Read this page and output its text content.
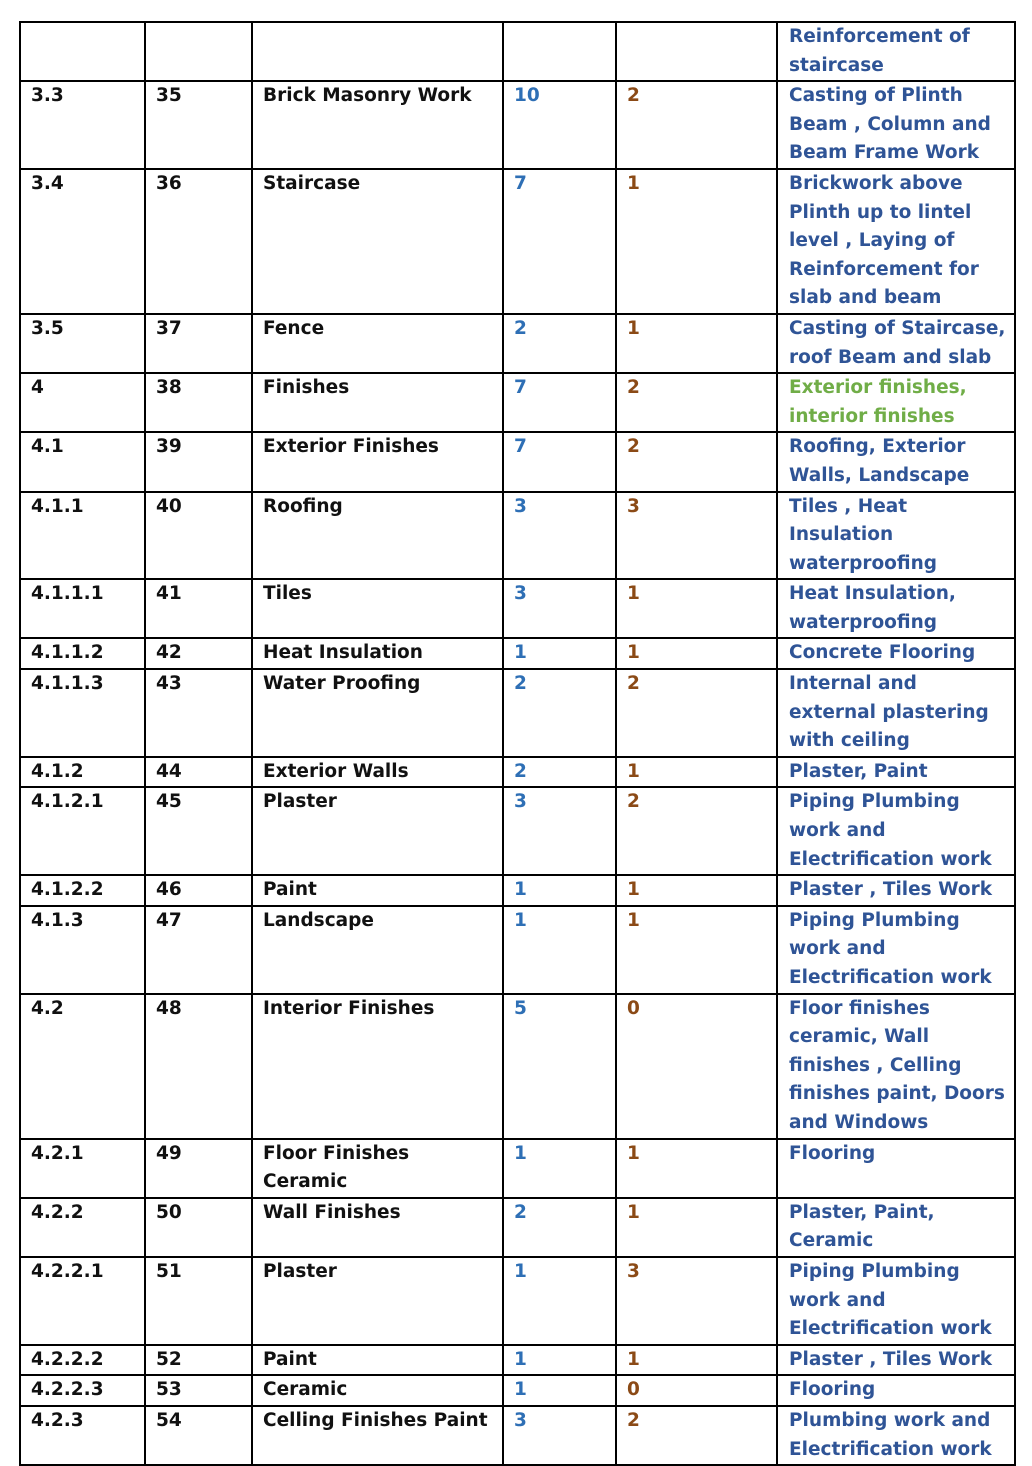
					Reinforcement of staircase
3.3	35	Brick Masonry Work	10	2	Casting of Plinth Beam , Column and Beam Frame Work
3.4	36	Staircase	7	1	Brickwork above Plinth up to lintel level , Laying of Reinforcement for slab and beam
3.5	37	Fence	2	1	Casting of Staircase, roof Beam and slab
4	38	Finishes	7	2	Exterior finishes, interior finishes
4.1	39	Exterior Finishes	7	2	Roofing, Exterior Walls, Landscape
4.1.1	40	Roofing	3	3	Tiles , Heat Insulation waterproofing
4.1.1.1	41	Tiles	3	1	Heat Insulation, waterproofing
4.1.1.2	42	Heat Insulation	1	1	Concrete Flooring
4.1.1.3	43	Water Proofing	2	2	Internal and external plastering with ceiling
4.1.2	44	Exterior Walls	2	1	Plaster, Paint
4.1.2.1	45	Plaster	3	2	Piping Plumbing work and Electrification work
4.1.2.2	46	Paint	1	1	Plaster , Tiles Work
4.1.3	47	Landscape	1	1	Piping Plumbing work and Electrification work
4.2	48	Interior Finishes	5	0	Floor finishes ceramic, Wall finishes , Celling finishes paint, Doors and Windows
4.2.1	49	Floor Finishes Ceramic	1	1	Flooring
4.2.2	50	Wall Finishes	2	1	Plaster, Paint, Ceramic
4.2.2.1	51	Plaster	1	3	Piping Plumbing work and Electrification work
4.2.2.2	52	Paint	1	1	Plaster , Tiles Work
4.2.2.3	53	Ceramic	1	0	Flooring
4.2.3	54	Celling Finishes Paint	3	2	Plumbing work and Electrification work
